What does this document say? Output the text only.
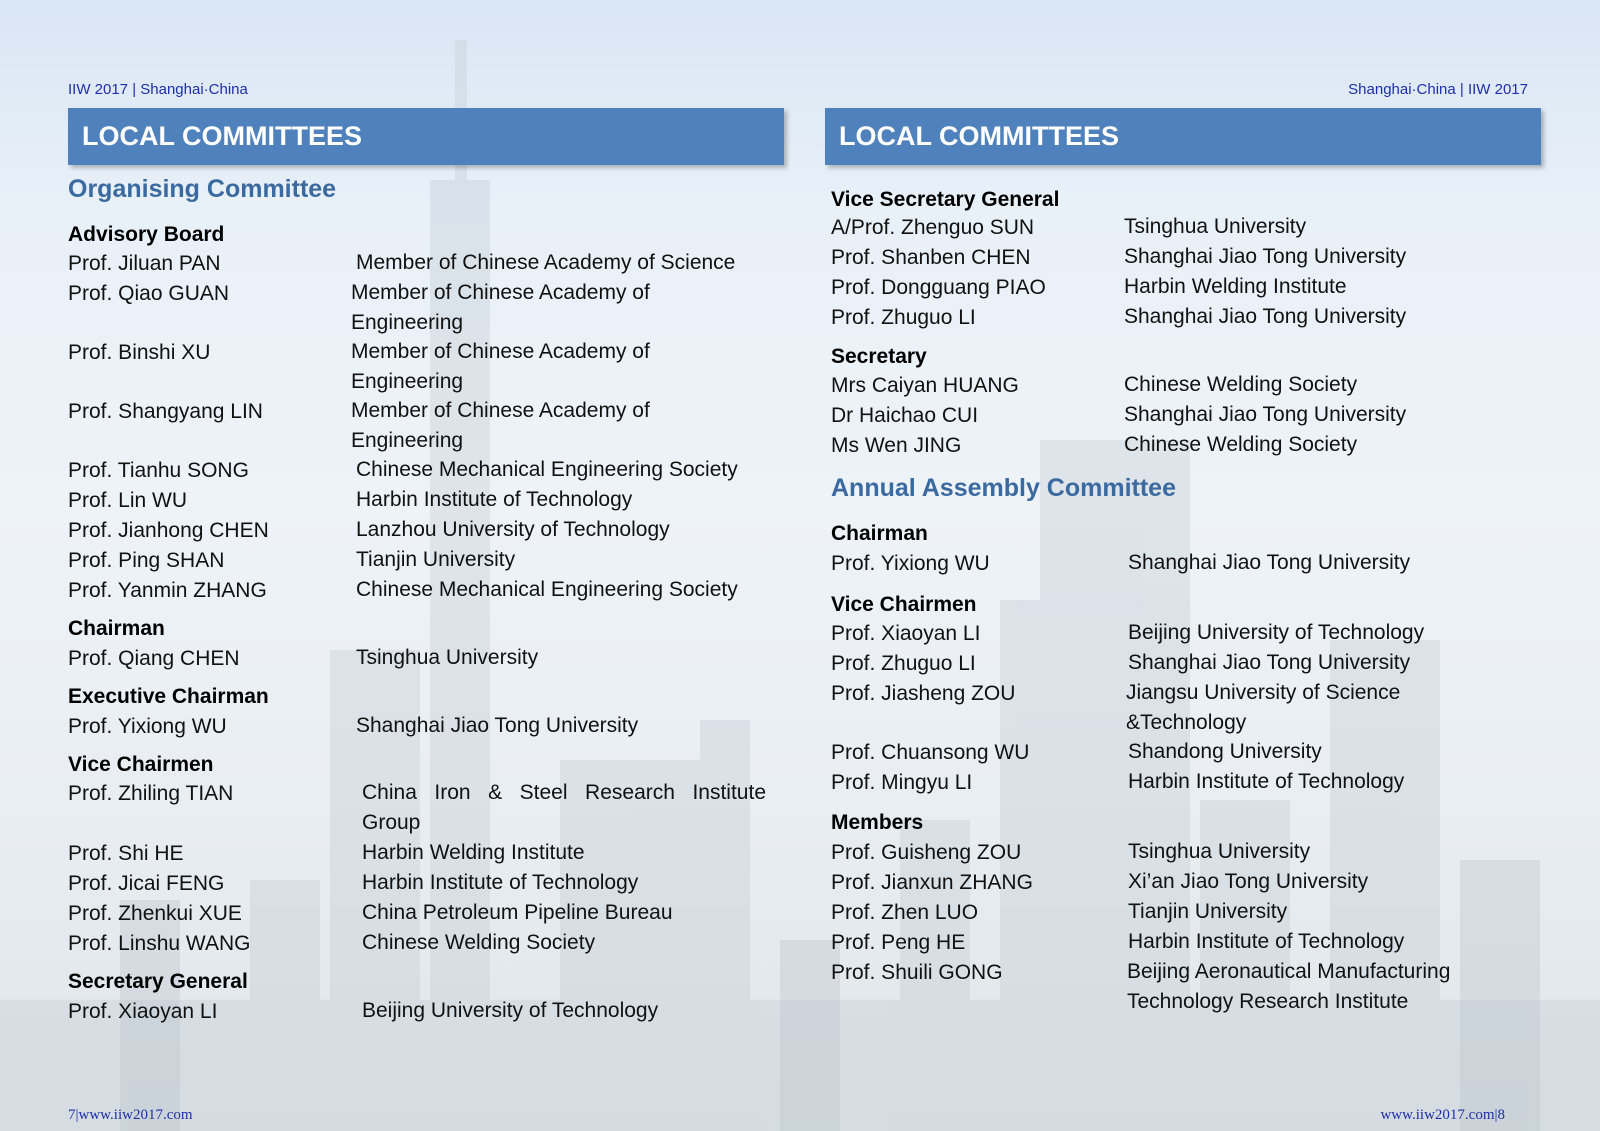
IIW 2017 | Shanghai·China
LOCAL COMMITTEES
Organising Committee
Advisory Board
Prof. Jiluan PAN	Member of Chinese Academy of Science
Prof. Qiao GUAN	Member of Chinese Academy of Engineering
Prof. Binshi XU	Member of Chinese Academy of Engineering
Prof. Shangyang LIN	Member of Chinese Academy of Engineering
Prof. Tianhu SONG	Chinese Mechanical Engineering Society
Prof. Lin WU	Harbin Institute of Technology
Prof. Jianhong CHEN	Lanzhou University of Technology
Prof. Ping SHAN	Tianjin University
Prof. Yanmin ZHANG	Chinese Mechanical Engineering Society
Chairman
Prof. Qiang CHEN	Tsinghua University
Executive Chairman
Prof. Yixiong WU	Shanghai Jiao Tong University
Vice Chairmen
Prof. Zhiling TIAN	China Iron & Steel Research Institute Group
Prof. Shi HE	Harbin Welding Institute
Prof. Jicai FENG	Harbin Institute of Technology
Prof. Zhenkui XUE	China Petroleum Pipeline Bureau
Prof. Linshu WANG	Chinese Welding Society
Secretary General
Prof. Xiaoyan LI	Beijing University of Technology
7|www.iiw2017.com
Shanghai·China | IIW 2017
LOCAL COMMITTEES
Vice Secretary General
A/Prof. Zhenguo SUN	Tsinghua University
Prof. Shanben CHEN	Shanghai Jiao Tong University
Prof. Dongguang PIAO	Harbin Welding Institute
Prof. Zhuguo LI	Shanghai Jiao Tong University
Secretary
Mrs Caiyan HUANG	Chinese Welding Society
Dr Haichao CUI	Shanghai Jiao Tong University
Ms Wen JING	Chinese Welding Society
Annual Assembly Committee
Chairman
Prof. Yixiong WU	Shanghai Jiao Tong University
Vice Chairmen
Prof. Xiaoyan LI	Beijing University of Technology
Prof. Zhuguo LI	Shanghai Jiao Tong University
Prof. Jiasheng ZOU	Jiangsu University of Science &Technology
Prof. Chuansong WU	Shandong University
Prof. Mingyu LI	Harbin Institute of Technology
Members
Prof. Guisheng ZOU	Tsinghua University
Prof. Jianxun ZHANG	Xi’an Jiao Tong University
Prof. Zhen LUO	Tianjin University
Prof. Peng HE	Harbin Institute of Technology
Prof. Shuili GONG	Beijing Aeronautical Manufacturing Technology Research Institute
www.iiw2017.com|8
